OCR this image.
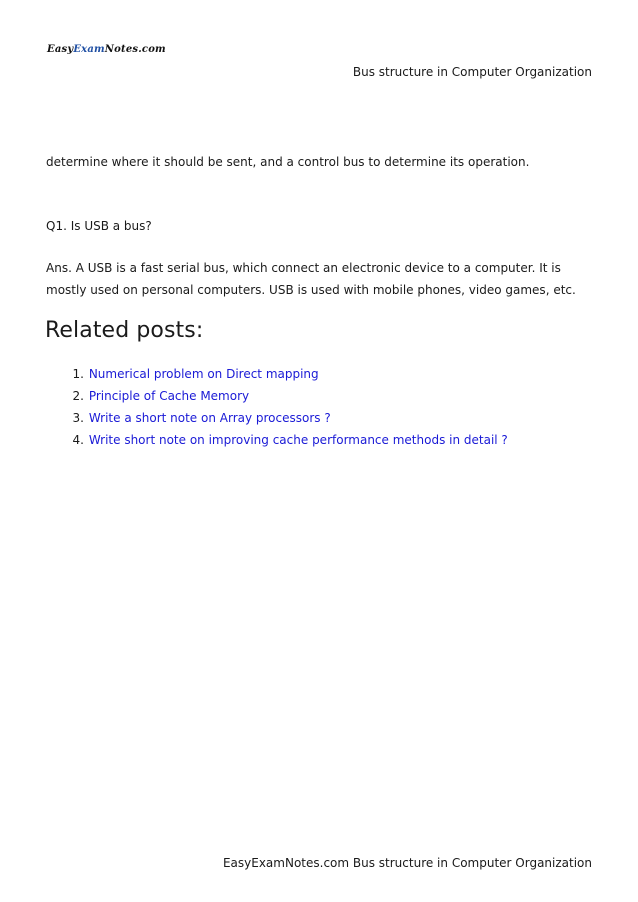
EasyExamNotes.com
Bus structure in Computer Organization

determine where it should be sent, and a control bus to determine its operation.

Q1. Is USB a bus?

Ans. A USB is a fast serial bus, which connect an electronic device to a computer. It is mostly used on personal computers. USB is used with mobile phones, video games, etc.

Related posts:
1. Numerical problem on Direct mapping
2. Principle of Cache Memory
3. Write a short note on Array processors ?
4. Write short note on improving cache performance methods in detail ?
EasyExamNotes.com Bus structure in Computer Organization
